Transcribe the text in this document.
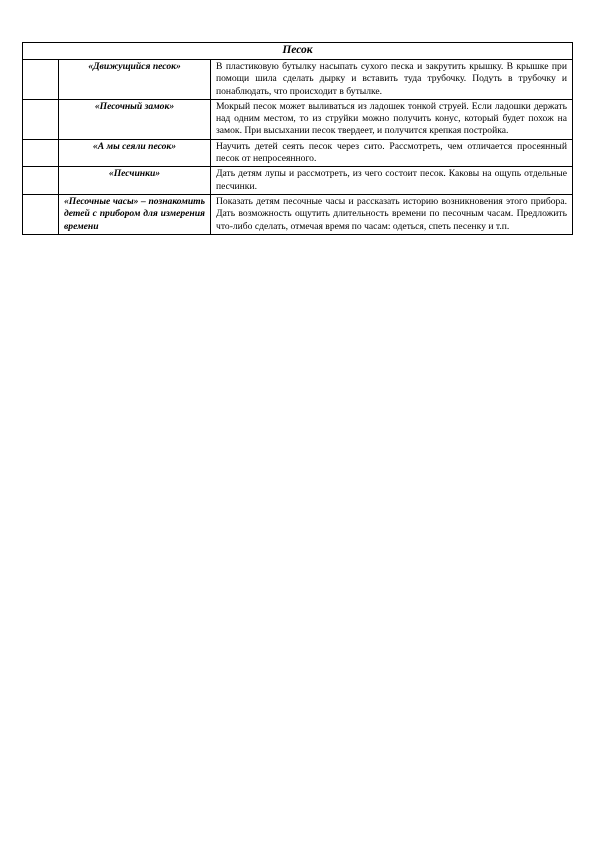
Песок		
	«Движущийся песок»	В пластиковую бутылку насыпать сухого песка и закрутить крышку. В крышке при помощи шила сделать дырку и вставить туда трубочку. Подуть в трубочку и понаблюдать, что происходит в бутылке.
	«Песочный замок»	Мокрый песок может выливаться из ладошек тонкой струей. Если ладошки держать над одним местом, то из струйки можно получить конус, который будет похож на замок. При высыхании песок твердеет, и получится крепкая постройка.
	«А мы сеяли песок»	Научить детей сеять песок через сито. Рассмотреть, чем отличается просеянный песок от непросеянного.
	«Песчинки»	Дать детям лупы и рассмотреть, из чего состоит песок. Каковы на ощупь отдельные песчинки.
	«Песочные часы» – познакомить детей с прибором для измерения времени	Показать детям песочные часы и рассказать историю возникновения этого прибора. Дать возможность ощутить длительность времени по песочным часам. Предложить что-либо сделать, отмечая время по часам: одеться, спеть песенку и т.п.
